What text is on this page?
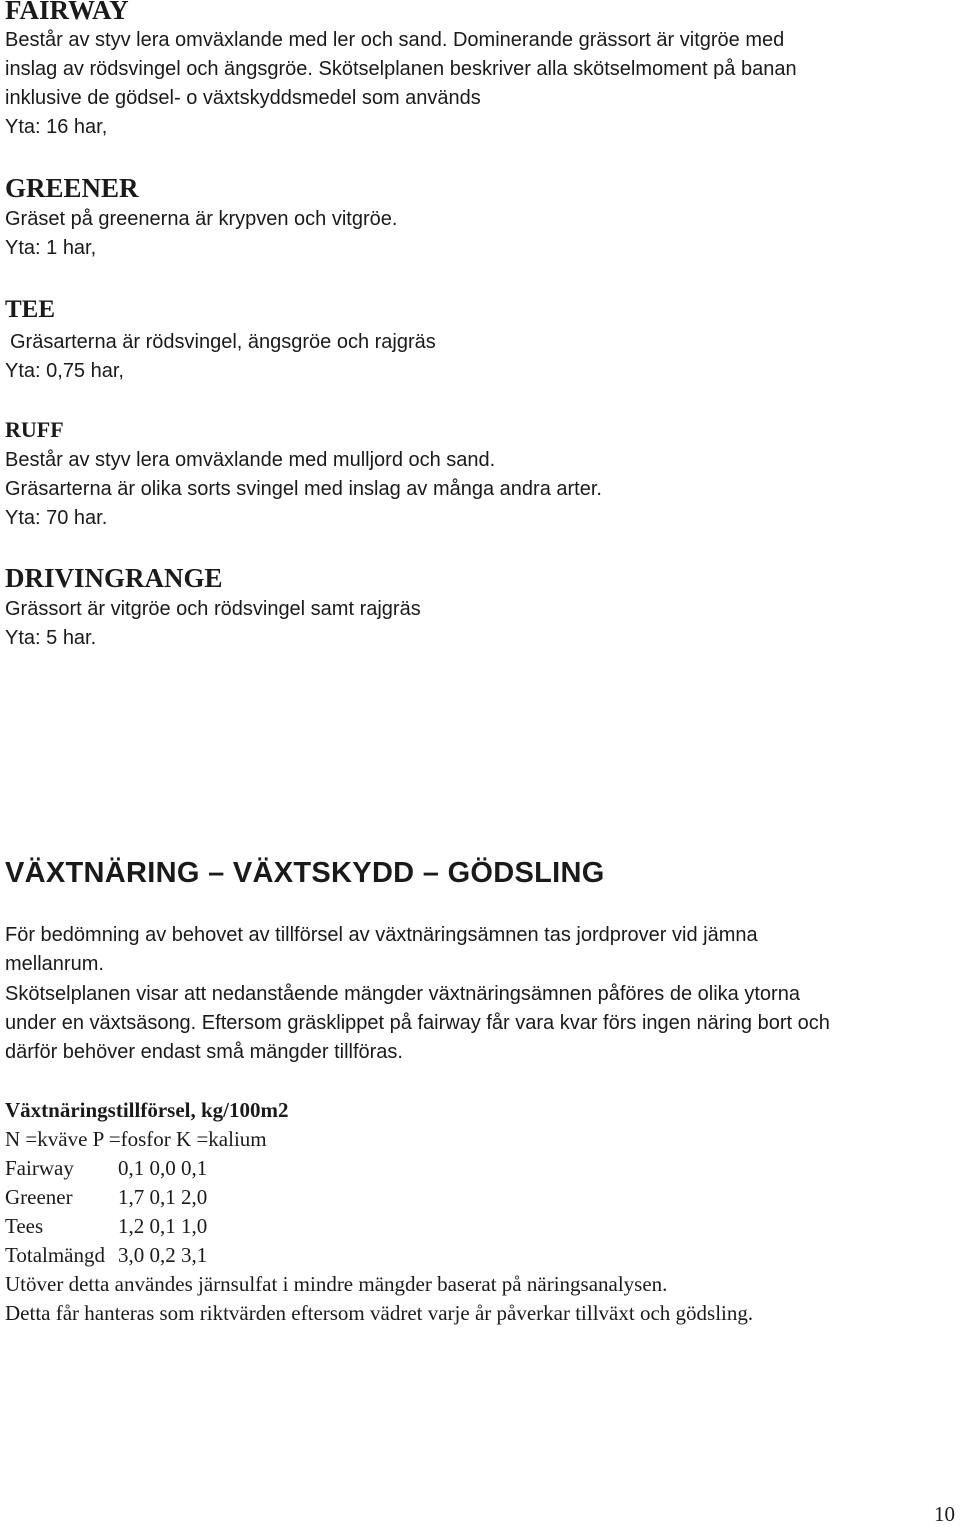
FAIRWAY
Består av styv lera omväxlande med ler och sand. Dominerande grässort är vitgröe med
inslag av rödsvingel och ängsgröe. Skötselplanen beskriver alla skötselmoment på banan
inklusive de gödsel- o växtskyddsmedel som används
Yta: 16 har,
GREENER
Gräset på greenerna är krypven och vitgröe.
Yta: 1 har,
TEE
Gräsarterna är rödsvingel, ängsgröe och rajgräs
Yta: 0,75 har,
RUFF
Består av styv lera omväxlande med mulljord och sand.
Gräsarterna är olika sorts svingel med inslag av många andra arter.
Yta: 70 har.
DRIVINGRANGE
Grässort är vitgröe och rödsvingel samt rajgräs
Yta: 5 har.
VÄXTNÄRING – VÄXTSKYDD – GÖDSLING
För bedömning av behovet av tillförsel av växtnäringsämnen tas jordprover vid jämna
mellanrum.
Skötselplanen visar att nedanstående mängder växtnäringsämnen påföres de olika ytorna
under en växtsäsong. Eftersom gräsklippet på fairway får vara kvar förs ingen näring bort och
därför behöver endast små mängder tillföras.
Växtnäringstillförsel, kg/100m2
N =kväve P =fosfor K =kalium
Fairway	0,1 0,0 0,1
Greener	1,7 0,1 2,0
Tees	1,2 0,1 1,0
Totalmängd	3,0 0,2 3,1
Utöver detta användes järnsulfat i mindre mängder baserat på näringsanalysen.
Detta får hanteras som riktvärden eftersom vädret varje år påverkar tillväxt och gödsling.
10
